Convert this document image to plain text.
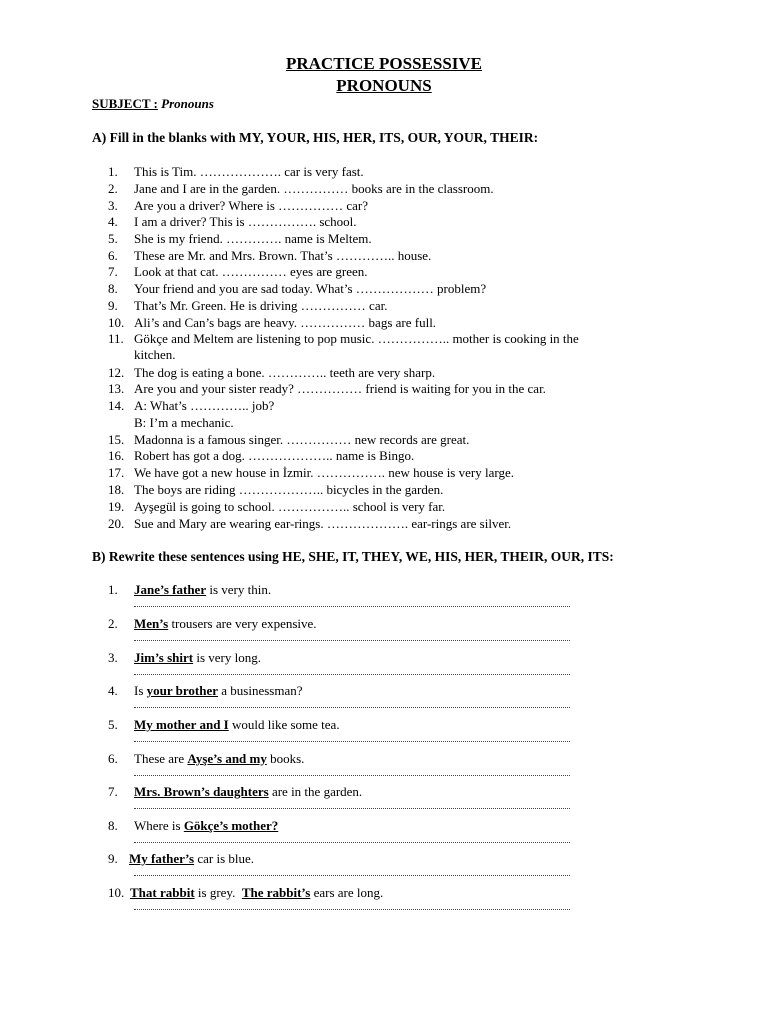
PRACTICE POSSESSIVE
PRONOUNS
SUBJECT : Pronouns
A) Fill in the blanks with MY, YOUR, HIS, HER, ITS, OUR, YOUR, THEIR:
1. This is Tim. ………………. car is very fast.
2. Jane and I are in the garden. …………… books are in the classroom.
3. Are you a driver? Where is …………… car?
4. I am a driver? This is ……………. school.
5. She is my friend. …………. name is Meltem.
6. These are Mr. and Mrs. Brown. That’s ………….. house.
7. Look at that cat. …………… eyes are green.
8. Your friend and you are sad today. What’s ……………… problem?
9. That’s Mr. Green. He is driving …………… car.
10. Ali’s and Can’s bags are heavy. …………… bags are full.
11. Gökçe and Meltem are listening to pop music. …………….. mother is cooking in the
kitchen.
12. The dog is eating a bone. ………….. teeth are very sharp.
13. Are you and your sister ready? …………… friend is waiting for you in the car.
14. A: What’s ………….. job?
B: I’m a mechanic.
15. Madonna is a famous singer. …………… new records are great.
16. Robert has got a dog. ……………….. name is Bingo.
17. We have got a new house in İzmir. ……………. new house is very large.
18. The boys are riding ……………….. bicycles in the garden.
19. Ayşegül is going to school. …………….. school is very far.
20. Sue and Mary are wearing ear-rings. ………………. ear-rings are silver.
B) Rewrite these sentences using HE, SHE, IT, THEY, WE, HIS, HER, THEIR, OUR, ITS:
1. Jane’s father is very thin.
2. Men’s trousers are very expensive.
3. Jim’s shirt is very long.
4. Is your brother a businessman?
5. My mother and I would like some tea.
6. These are Ayşe’s and my books.
7. Mrs. Brown’s daughters are in the garden.
8. Where is Gökçe’s mother?
9. My father’s car is blue.
10. That rabbit is grey.  The rabbit’s ears are long.
